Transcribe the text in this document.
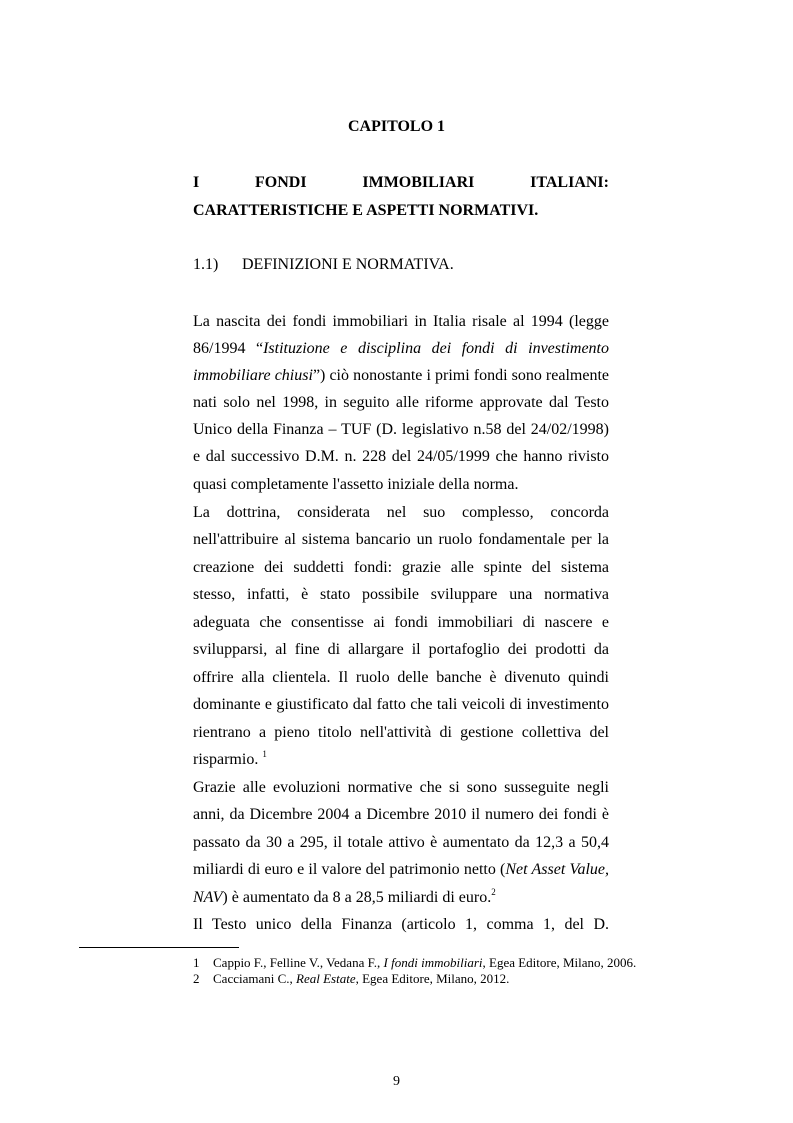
CAPITOLO 1
I	FONDI	IMMOBILIARI	ITALIANI:
CARATTERISTICHE E ASPETTI NORMATIVI.
1.1) DEFINIZIONI E NORMATIVA.
La nascita dei fondi immobiliari in Italia risale al 1994 (legge
86/1994 “Istituzione e disciplina dei fondi di investimento
immobiliare chiusi”) ciò nonostante i primi fondi sono realmente
nati solo nel 1998, in seguito alle riforme approvate dal Testo
Unico della Finanza – TUF (D. legislativo n.58 del 24/02/1998)
e dal successivo D.M. n. 228 del 24/05/1999 che hanno rivisto
quasi completamente l'assetto iniziale della norma.
La dottrina, considerata nel suo complesso, concorda
nell'attribuire al sistema bancario un ruolo fondamentale per la
creazione dei suddetti fondi: grazie alle spinte del sistema
stesso, infatti, è stato possibile sviluppare una normativa
adeguata che consentisse ai fondi immobiliari di nascere e
svilupparsi, al fine di allargare il portafoglio dei prodotti da
offrire alla clientela. Il ruolo delle banche è divenuto quindi
dominante e giustificato dal fatto che tali veicoli di investimento
rientrano a pieno titolo nell'attività di gestione collettiva del
risparmio. $^1$
Grazie alle evoluzioni normative che si sono susseguite negli
anni, da Dicembre 2004 a Dicembre 2010 il numero dei fondi è
passato da 30 a 295, il totale attivo è aumentato da 12,3 a 50,4
miliardi di euro e il valore del patrimonio netto (Net Asset Value,
NAV) è aumentato da 8 a 28,5 miliardi di euro.$^2$
Il Testo unico della Finanza (articolo 1, comma 1, del D.
1 Cappio F., Felline V., Vedana F., I fondi immobiliari, Egea Editore, Milano, 2006.
2 Cacciamani C., Real Estate, Egea Editore, Milano, 2012.
9
